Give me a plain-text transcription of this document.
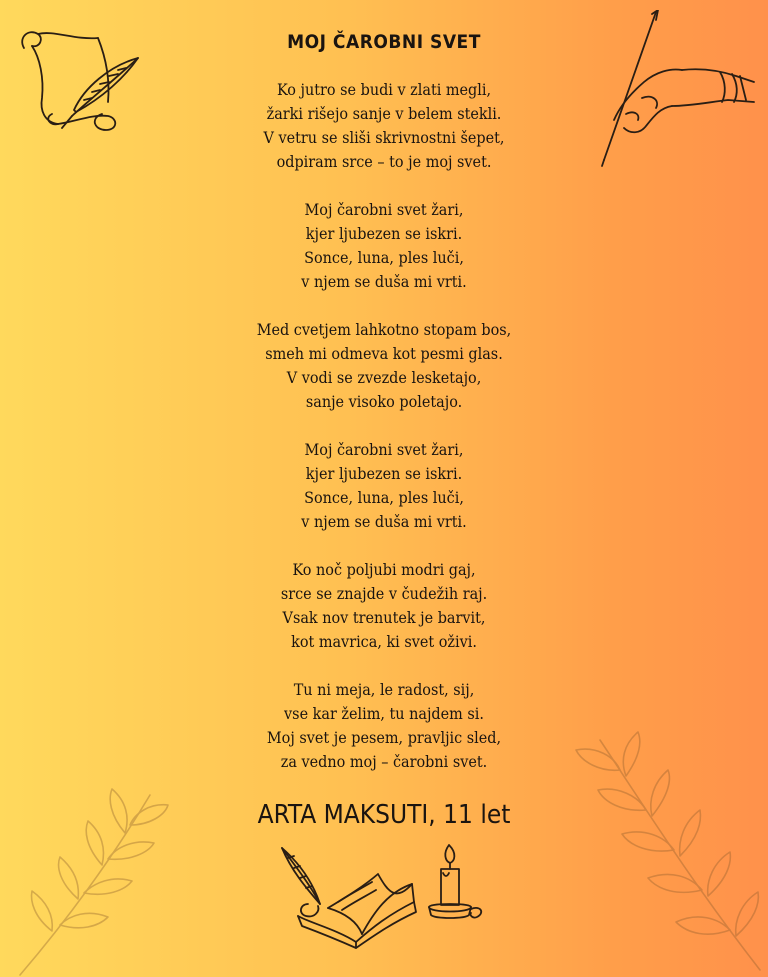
MOJ ČAROBNI SVET
Ko jutro se budi v zlati megli,
žarki rišejo sanje v belem stekli.
V vetru se sliši skrivnostni šepet,
odpiram srce – to je moj svet.
Moj čarobni svet žari,
kjer ljubezen se iskri.
Sonce, luna, ples luči,
v njem se duša mi vrti.
Med cvetjem lahkotno stopam bos,
smeh mi odmeva kot pesmi glas.
V vodi se zvezde lesketajo,
sanje visoko poletajo.
Moj čarobni svet žari,
kjer ljubezen se iskri.
Sonce, luna, ples luči,
v njem se duša mi vrti.
Ko noč poljubi modri gaj,
srce se znajde v čudežih raj.
Vsak nov trenutek je barvit,
kot mavrica, ki svet oživi.
Tu ni meja, le radost, sij,
vse kar želim, tu najdem si.
Moj svet je pesem, pravljic sled,
za vedno moj – čarobni svet.
ARTA MAKSUTI, 11 let
